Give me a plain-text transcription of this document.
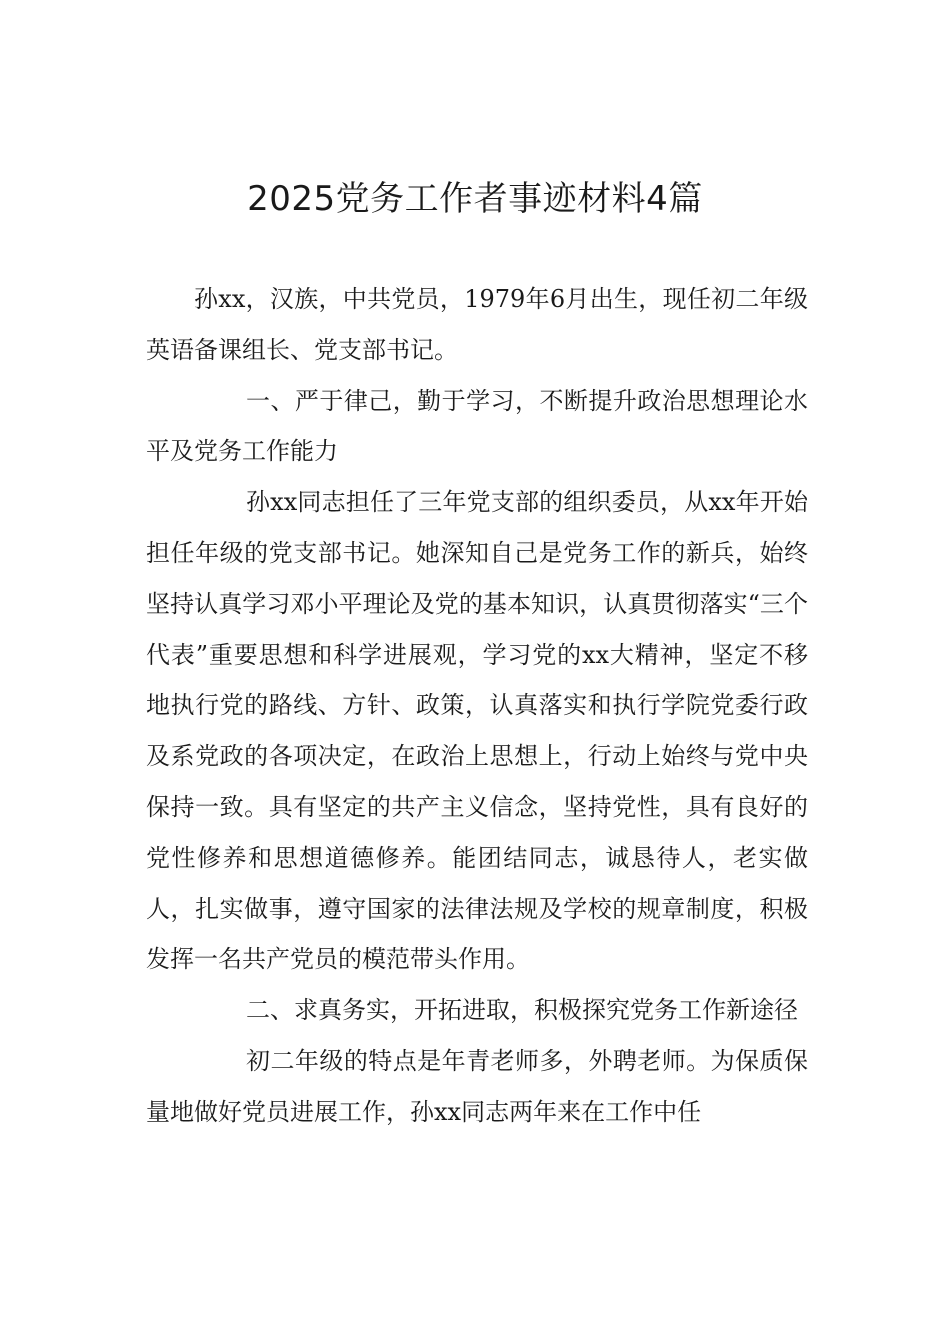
2025党务工作者事迹材料4篇

孙xx，汉族，中共党员，1979年6月出生，现任初二年级英语备课组长、党支部书记。

一、严于律己，勤于学习，不断提升政治思想理论水平及党务工作能力

孙xx同志担任了三年党支部的组织委员，从xx年开始担任年级的党支部书记。她深知自己是党务工作的新兵，始终坚持认真学习邓小平理论及党的基本知识，认真贯彻落实“三个代表”重要思想和科学进展观，学习党的xx大精神，坚定不移地执行党的路线、方针、政策，认真落实和执行学院党委行政及系党政的各项决定，在政治上思想上，行动上始终与党中央保持一致。具有坚定的共产主义信念，坚持党性，具有良好的党性修养和思想道德修养。能团结同志，诚恳待人，老实做人，扎实做事，遵守国家的法律法规及学校的规章制度，积极发挥一名共产党员的模范带头作用。

二、求真务实，开拓进取，积极探究党务工作新途径

初二年级的特点是年青老师多，外聘老师。为保质保量地做好党员进展工作，孙xx同志两年来在工作中任
